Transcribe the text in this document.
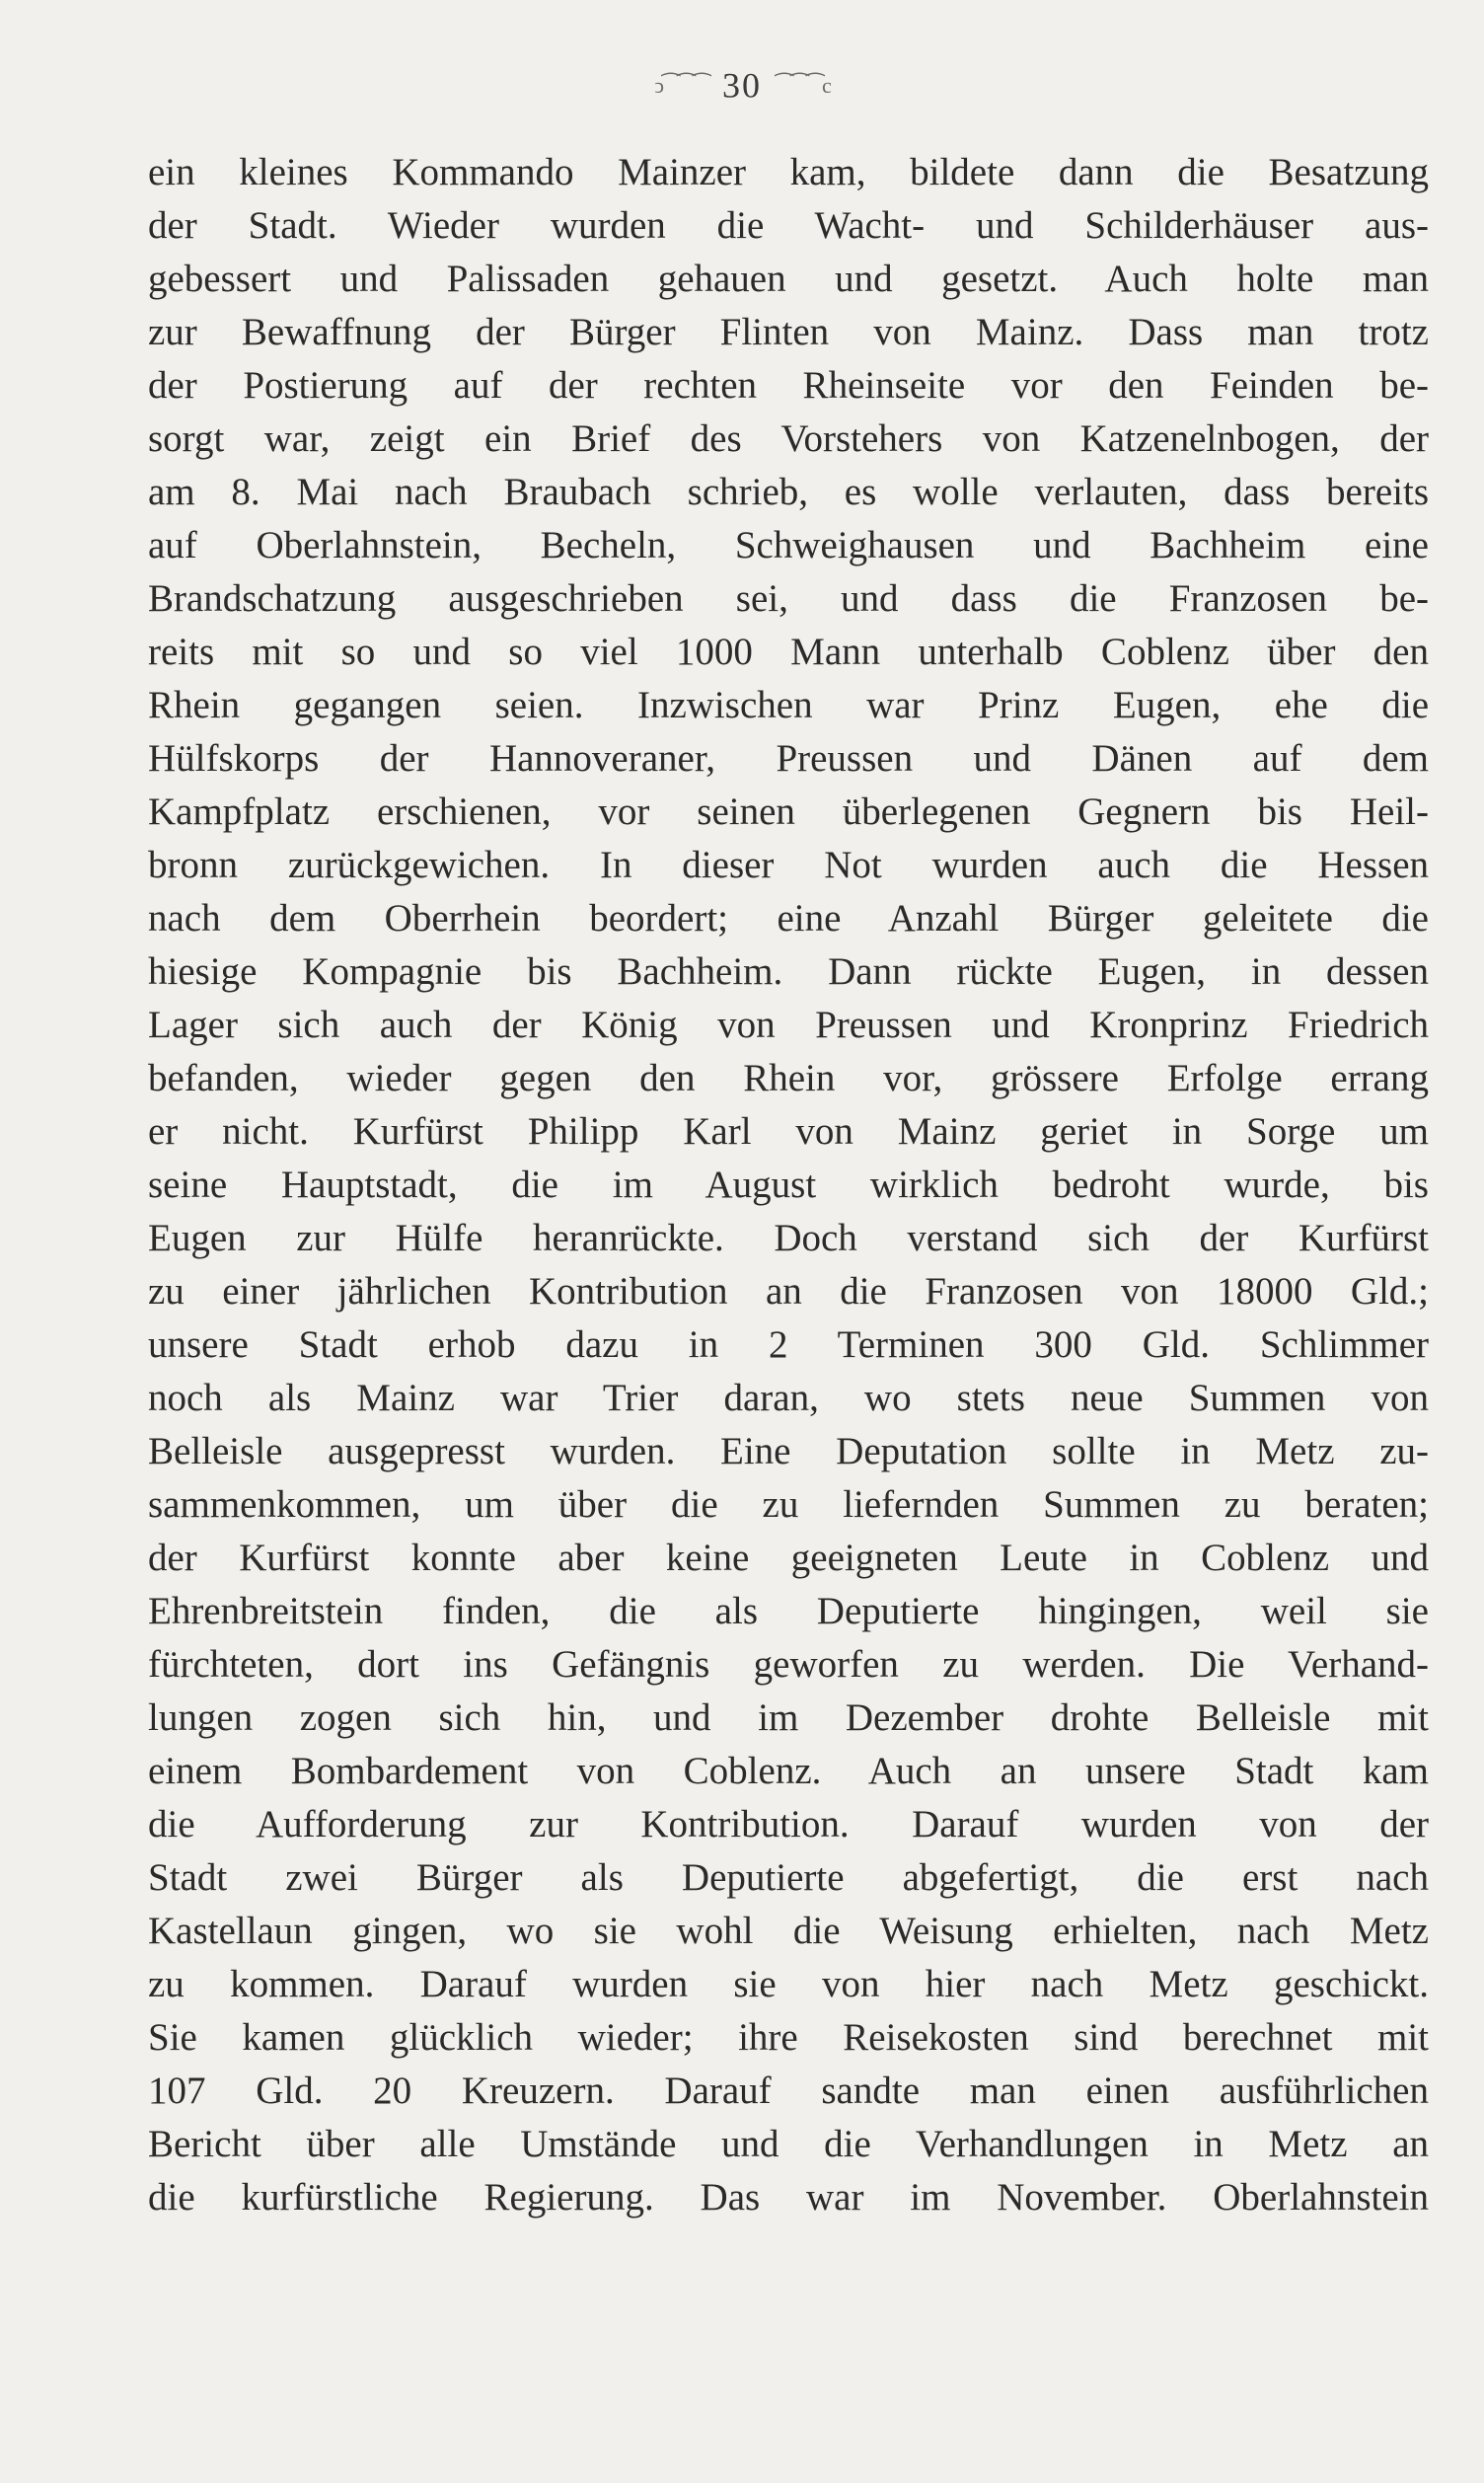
ↄ⁀⁀⁀ 30 ⁀⁀⁀c
ein kleines Kommando Mainzer kam, bildete dann die Besatzung
der Stadt. Wieder wurden die Wacht- und Schilderhäuser aus-
gebessert und Palissaden gehauen und gesetzt. Auch holte man
zur Bewaffnung der Bürger Flinten von Mainz. Dass man trotz
der Postierung auf der rechten Rheinseite vor den Feinden be-
sorgt war, zeigt ein Brief des Vorstehers von Katzenelnbogen, der
am 8. Mai nach Braubach schrieb, es wolle verlauten, dass bereits
auf Oberlahnstein, Becheln, Schweighausen und Bachheim eine
Brandschatzung ausgeschrieben sei, und dass die Franzosen be-
reits mit so und so viel 1000 Mann unterhalb Coblenz über den
Rhein gegangen seien. Inzwischen war Prinz Eugen, ehe die
Hülfskorps der Hannoveraner, Preussen und Dänen auf dem
Kampfplatz erschienen, vor seinen überlegenen Gegnern bis Heil-
bronn zurückgewichen. In dieser Not wurden auch die Hessen
nach dem Oberrhein beordert; eine Anzahl Bürger geleitete die
hiesige Kompagnie bis Bachheim. Dann rückte Eugen, in dessen
Lager sich auch der König von Preussen und Kronprinz Friedrich
befanden, wieder gegen den Rhein vor, grössere Erfolge errang
er nicht. Kurfürst Philipp Karl von Mainz geriet in Sorge um
seine Hauptstadt, die im August wirklich bedroht wurde, bis
Eugen zur Hülfe heranrückte. Doch verstand sich der Kurfürst
zu einer jährlichen Kontribution an die Franzosen von 18000 Gld.;
unsere Stadt erhob dazu in 2 Terminen 300 Gld. Schlimmer
noch als Mainz war Trier daran, wo stets neue Summen von
Belleisle ausgepresst wurden. Eine Deputation sollte in Metz zu-
sammenkommen, um über die zu liefernden Summen zu beraten;
der Kurfürst konnte aber keine geeigneten Leute in Coblenz und
Ehrenbreitstein finden, die als Deputierte hingingen, weil sie
fürchteten, dort ins Gefängnis geworfen zu werden. Die Verhand-
lungen zogen sich hin, und im Dezember drohte Belleisle mit
einem Bombardement von Coblenz. Auch an unsere Stadt kam
die Aufforderung zur Kontribution. Darauf wurden von der
Stadt zwei Bürger als Deputierte abgefertigt, die erst nach
Kastellaun gingen, wo sie wohl die Weisung erhielten, nach Metz
zu kommen. Darauf wurden sie von hier nach Metz geschickt.
Sie kamen glücklich wieder; ihre Reisekosten sind berechnet mit
107 Gld. 20 Kreuzern. Darauf sandte man einen ausführlichen
Bericht über alle Umstände und die Verhandlungen in Metz an
die kurfürstliche Regierung. Das war im November. Oberlahnstein
